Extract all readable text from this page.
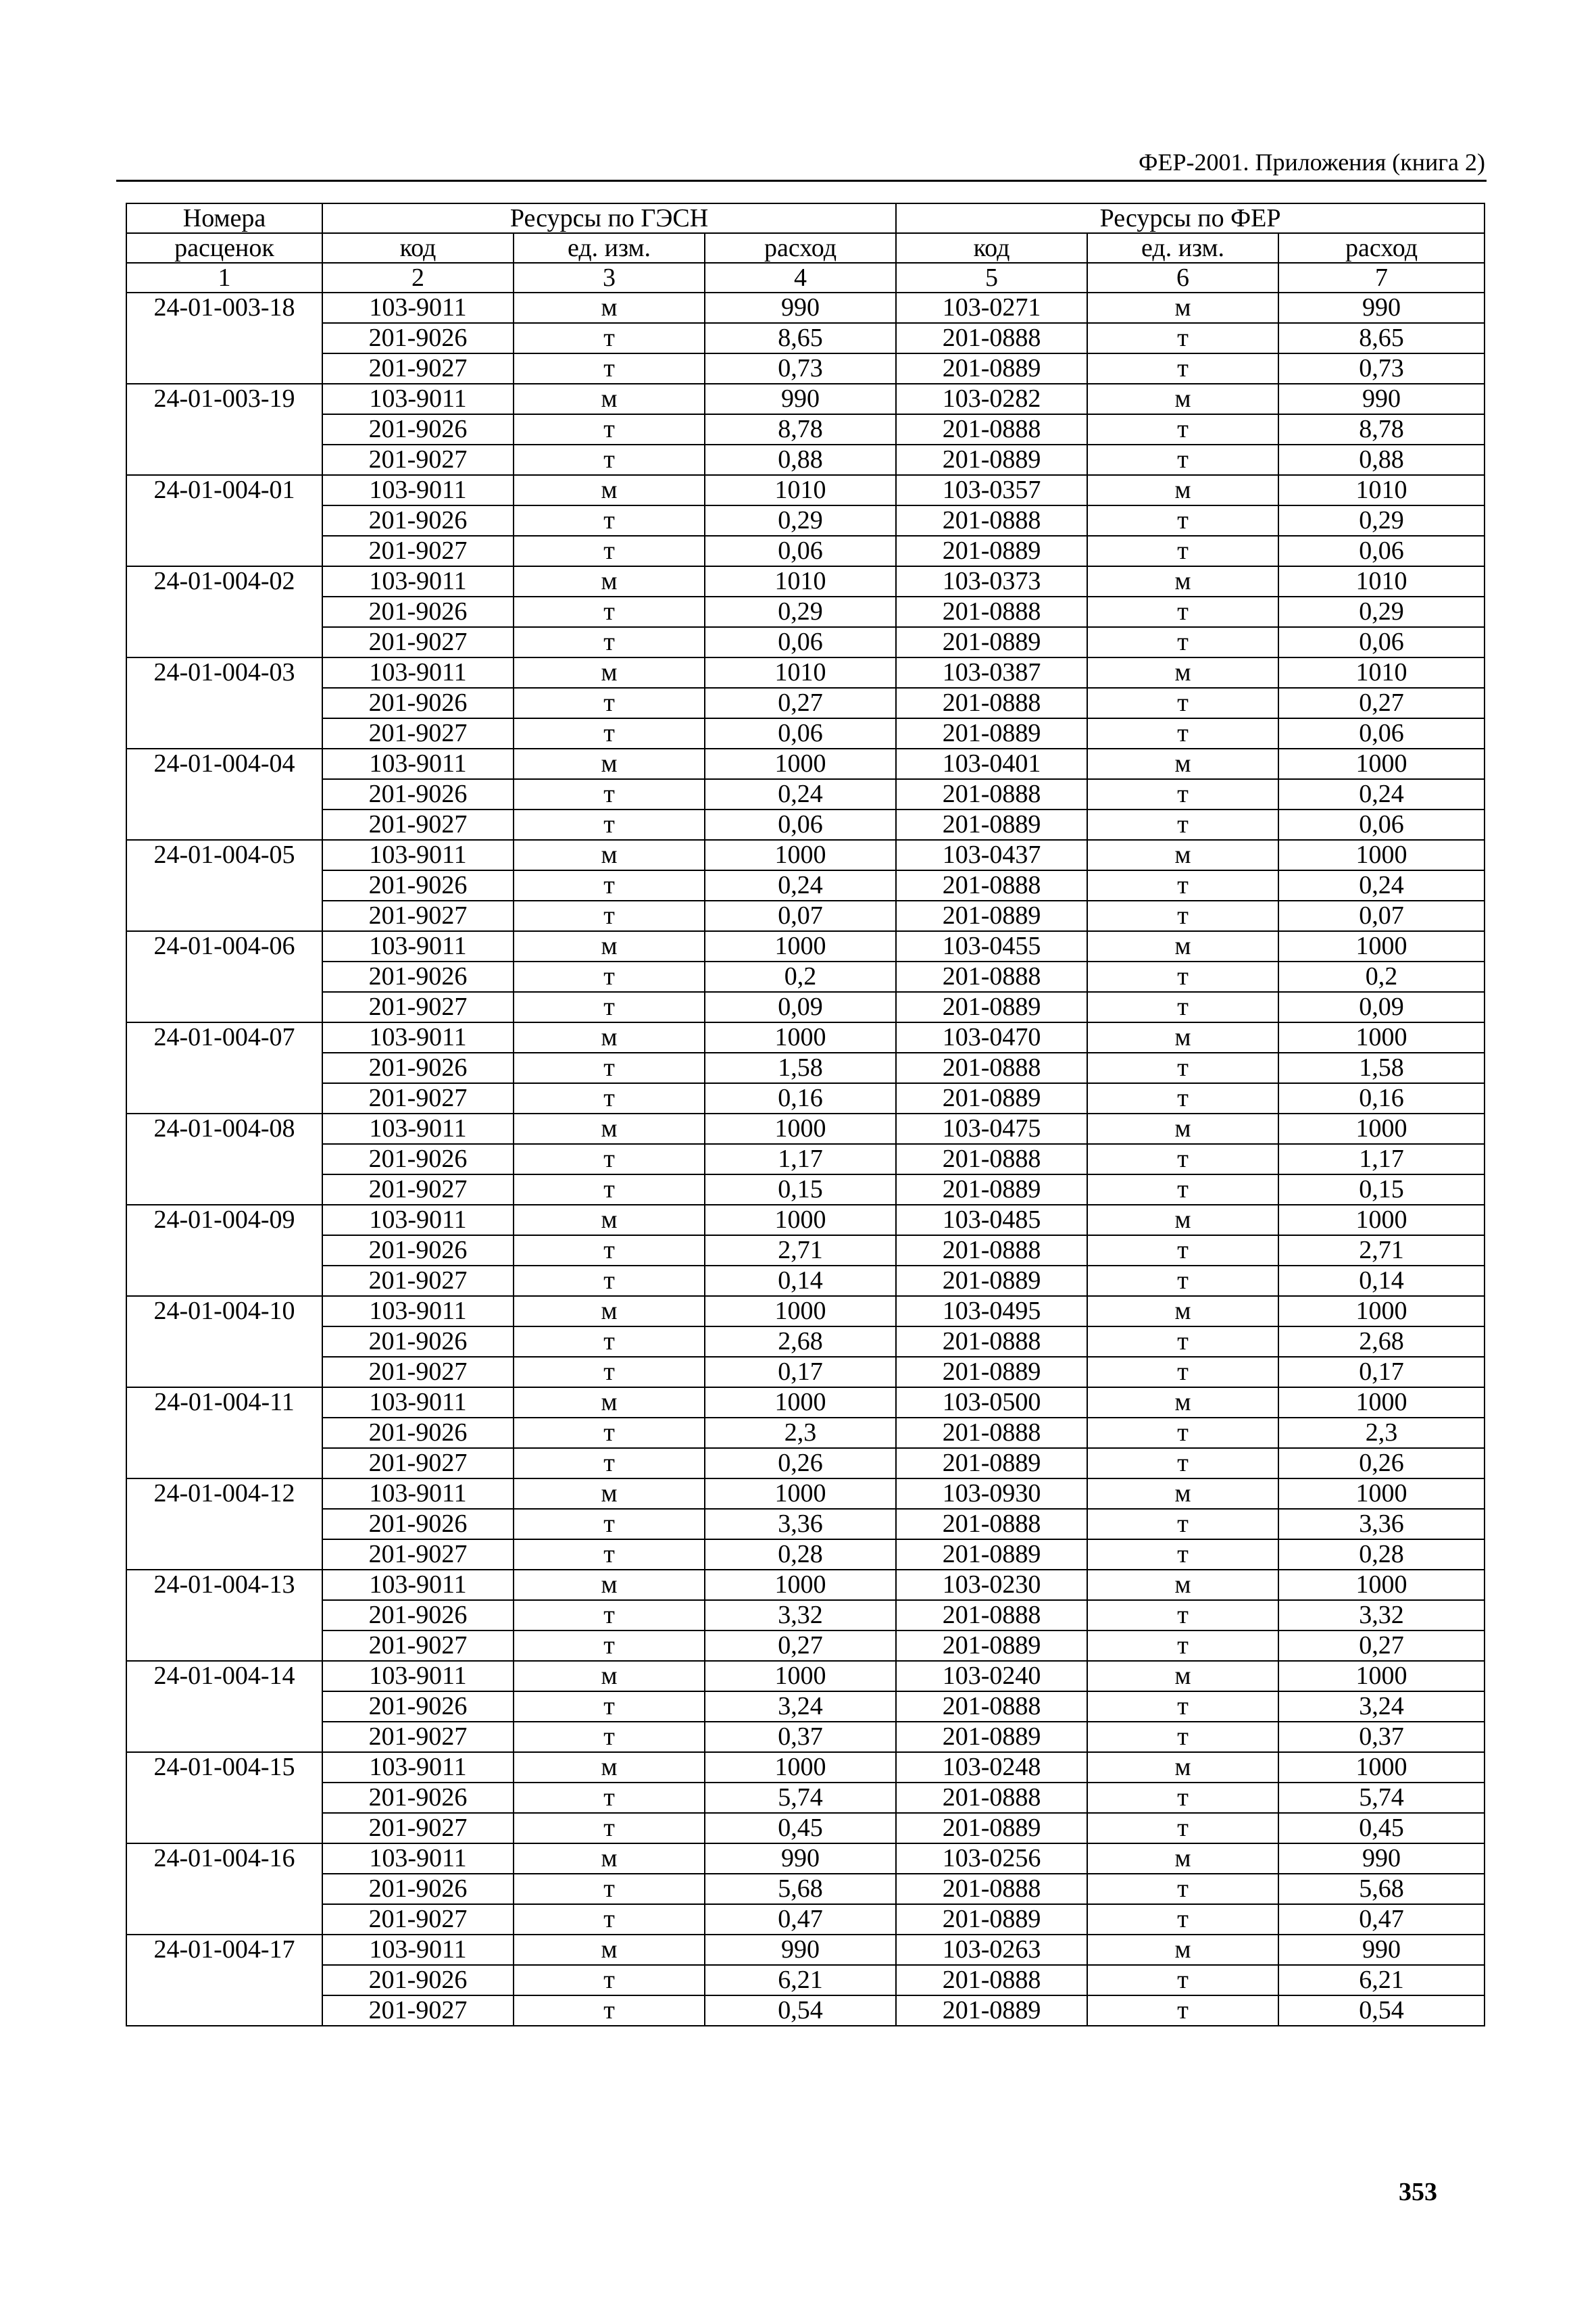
ФЕР-2001. Приложения (книга 2)
Номера	Ресурсы по ГЭСН			Ресурсы по ФЕР		
расценок	код	ед. изм.	расход	код	ед. изм.	расход
1	2	3	4	5	6	7
24-01-003-18	103-9011	м	990	103-0271	м	990
	201-9026	т	8,65	201-0888	т	8,65
	201-9027	т	0,73	201-0889	т	0,73
24-01-003-19	103-9011	м	990	103-0282	м	990
	201-9026	т	8,78	201-0888	т	8,78
	201-9027	т	0,88	201-0889	т	0,88
24-01-004-01	103-9011	м	1010	103-0357	м	1010
	201-9026	т	0,29	201-0888	т	0,29
	201-9027	т	0,06	201-0889	т	0,06
24-01-004-02	103-9011	м	1010	103-0373	м	1010
	201-9026	т	0,29	201-0888	т	0,29
	201-9027	т	0,06	201-0889	т	0,06
24-01-004-03	103-9011	м	1010	103-0387	м	1010
	201-9026	т	0,27	201-0888	т	0,27
	201-9027	т	0,06	201-0889	т	0,06
24-01-004-04	103-9011	м	1000	103-0401	м	1000
	201-9026	т	0,24	201-0888	т	0,24
	201-9027	т	0,06	201-0889	т	0,06
24-01-004-05	103-9011	м	1000	103-0437	м	1000
	201-9026	т	0,24	201-0888	т	0,24
	201-9027	т	0,07	201-0889	т	0,07
24-01-004-06	103-9011	м	1000	103-0455	м	1000
	201-9026	т	0,2	201-0888	т	0,2
	201-9027	т	0,09	201-0889	т	0,09
24-01-004-07	103-9011	м	1000	103-0470	м	1000
	201-9026	т	1,58	201-0888	т	1,58
	201-9027	т	0,16	201-0889	т	0,16
24-01-004-08	103-9011	м	1000	103-0475	м	1000
	201-9026	т	1,17	201-0888	т	1,17
	201-9027	т	0,15	201-0889	т	0,15
24-01-004-09	103-9011	м	1000	103-0485	м	1000
	201-9026	т	2,71	201-0888	т	2,71
	201-9027	т	0,14	201-0889	т	0,14
24-01-004-10	103-9011	м	1000	103-0495	м	1000
	201-9026	т	2,68	201-0888	т	2,68
	201-9027	т	0,17	201-0889	т	0,17
24-01-004-11	103-9011	м	1000	103-0500	м	1000
	201-9026	т	2,3	201-0888	т	2,3
	201-9027	т	0,26	201-0889	т	0,26
24-01-004-12	103-9011	м	1000	103-0930	м	1000
	201-9026	т	3,36	201-0888	т	3,36
	201-9027	т	0,28	201-0889	т	0,28
24-01-004-13	103-9011	м	1000	103-0230	м	1000
	201-9026	т	3,32	201-0888	т	3,32
	201-9027	т	0,27	201-0889	т	0,27
24-01-004-14	103-9011	м	1000	103-0240	м	1000
	201-9026	т	3,24	201-0888	т	3,24
	201-9027	т	0,37	201-0889	т	0,37
24-01-004-15	103-9011	м	1000	103-0248	м	1000
	201-9026	т	5,74	201-0888	т	5,74
	201-9027	т	0,45	201-0889	т	0,45
24-01-004-16	103-9011	м	990	103-0256	м	990
	201-9026	т	5,68	201-0888	т	5,68
	201-9027	т	0,47	201-0889	т	0,47
24-01-004-17	103-9011	м	990	103-0263	м	990
	201-9026	т	6,21	201-0888	т	6,21
	201-9027	т	0,54	201-0889	т	0,54
353
